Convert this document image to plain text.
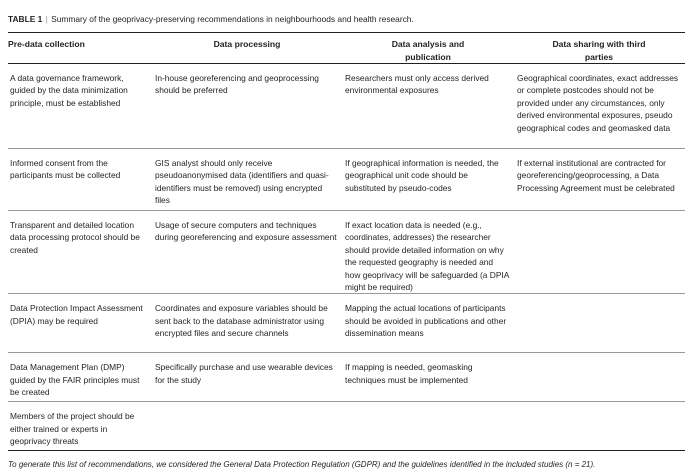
TABLE 1 | Summary of the geoprivacy-preserving recommendations in neighbourhoods and health research.
Pre-data collection	Data processing	Data analysis and publication	Data sharing with third parties
A data governance framework, guided by the data minimization principle, must be established	In-house georeferencing and geoprocessing should be preferred	Researchers must only access derived environmental exposures	Geographical coordinates, exact addresses or complete postcodes should not be provided under any circumstances, only derived environmental exposures, pseudo geographical codes and geomasked data
Informed consent from the participants must be collected	GIS analyst should only receive pseudoanonymised data (identifiers and quasi-identifiers must be removed) using encrypted files	If geographical information is needed, the geographical unit code should be substituted by pseudo-codes	If external institutional are contracted for georeferencing/geoprocessing, a Data Processing Agreement must be celebrated
Transparent and detailed location data processing protocol should be created	Usage of secure computers and techniques during georeferencing and exposure assessment	If exact location data is needed (e.g., coordinates, addresses) the researcher should provide detailed information on why the requested geography is needed and how geoprivacy will be safeguarded (a DPIA might be required)	
Data Protection Impact Assessment (DPIA) may be required	Coordinates and exposure variables should be sent back to the database administrator using encrypted files and secure channels	Mapping the actual locations of participants should be avoided in publications and other dissemination means	
Data Management Plan (DMP) guided by the FAIR principles must be created	Specifically purchase and use wearable devices for the study	If mapping is needed, geomasking techniques must be implemented	
Members of the project should be either trained or experts in geoprivacy threats			
To generate this list of recommendations, we considered the General Data Protection Regulation (GDPR) and the guidelines identified in the included studies (n = 21).
